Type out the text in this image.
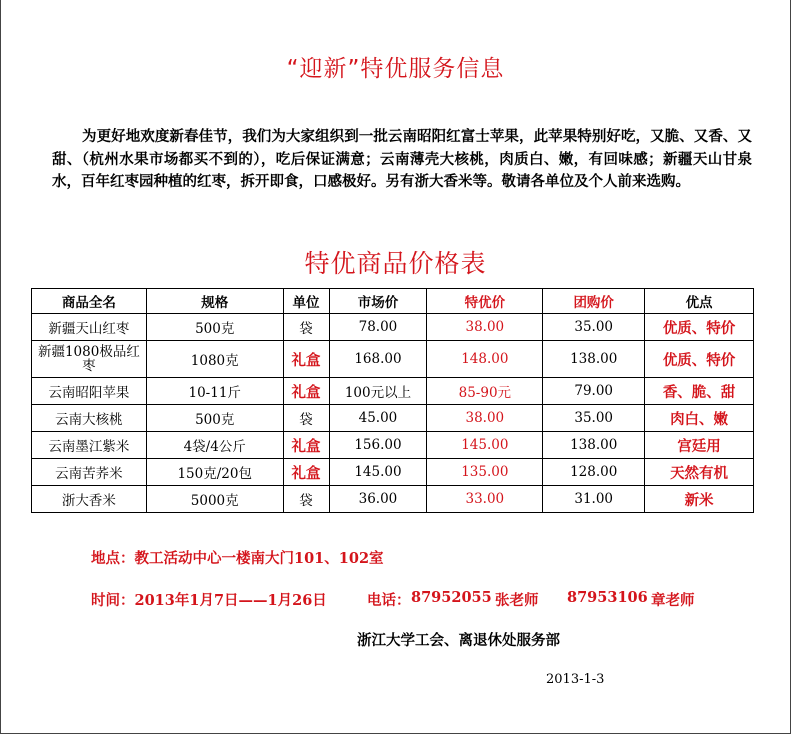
“迎新”特优服务信息
为更好地欢度新春佳节，我们为大家组织到一批云南昭阳红富士苹果，此苹果特别好吃，又脆、又香、又甜、（杭州水果市场都买不到的），吃后保证满意；云南薄壳大核桃，肉质白、嫩，有回味感；新疆天山甘泉水，百年红枣园种植的红枣，拆开即食，口感极好。另有浙大香米等。敬请各单位及个人前来选购。
特优商品价格表
商品全名	规格	单位	市场价	特优价	团购价	优点
新疆天山红枣	500克	袋	78.00	38.00	35.00	优质、特价

新疆1080极品红枣	1080克	礼盒	168.00	148.00	138.00	优质、特价
云南昭阳苹果	10-11斤	礼盒	100元以上	85-90元	79.00	香、脆、甜
云南大核桃	500克	袋	45.00	38.00	35.00	肉白、嫩
云南墨江紫米	4袋/4公斤	礼盒	156.00	145.00	138.00	宫廷用
云南苦荞米	150克/20包	礼盒	145.00	135.00	128.00	天然有机
浙大香米	5000克	袋	36.00	33.00	31.00	新米
地点：教工活动中心一楼南大门101、102室
时间：2013年1月7日——1月26日	电话： 87952055 张老师 87953106 章老师
浙江大学工会、离退休处服务部
2013-1-3
